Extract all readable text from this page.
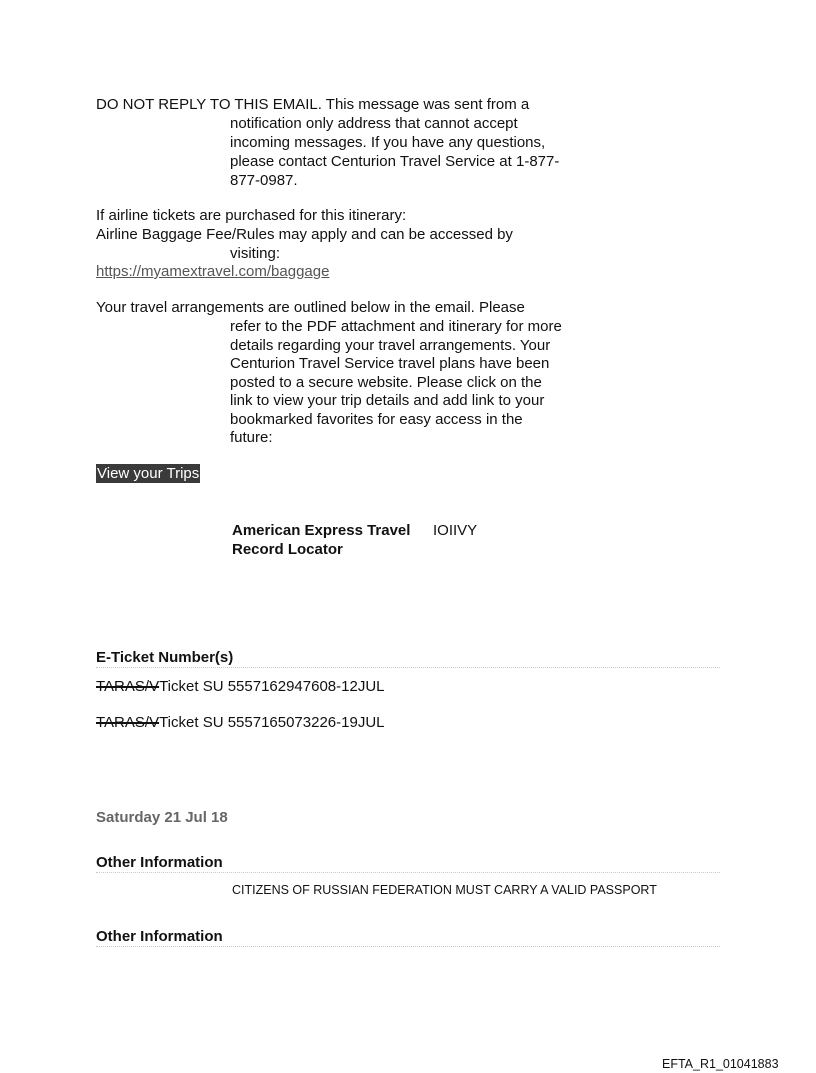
DO NOT REPLY TO THIS EMAIL. This message was sent from a
notification only address that cannot accept
incoming messages. If you have any questions,
please contact Centurion Travel Service at 1-877-
877-0987.
If airline tickets are purchased for this itinerary:
Airline Baggage Fee/Rules may apply and can be accessed by
visiting:
https://myamextravel.com/baggage
Your travel arrangements are outlined below in the email. Please
refer to the PDF attachment and itinerary for more
details regarding your travel arrangements. Your
Centurion Travel Service travel plans have been
posted to a secure website. Please click on the
link to view your trip details and add link to your
bookmarked favorites for easy access in the
future:
View your Trips
American Express Travel IOIIVY
Record Locator
E-Ticket Number(s)
TARAS/VTicket SU 5557162947608-12JUL
TARAS/VTicket SU 5557165073226-19JUL
Saturday 21 Jul 18
Other Information
CITIZENS OF RUSSIAN FEDERATION MUST CARRY A VALID PASSPORT
Other Information
EFTA_R1_01041883
